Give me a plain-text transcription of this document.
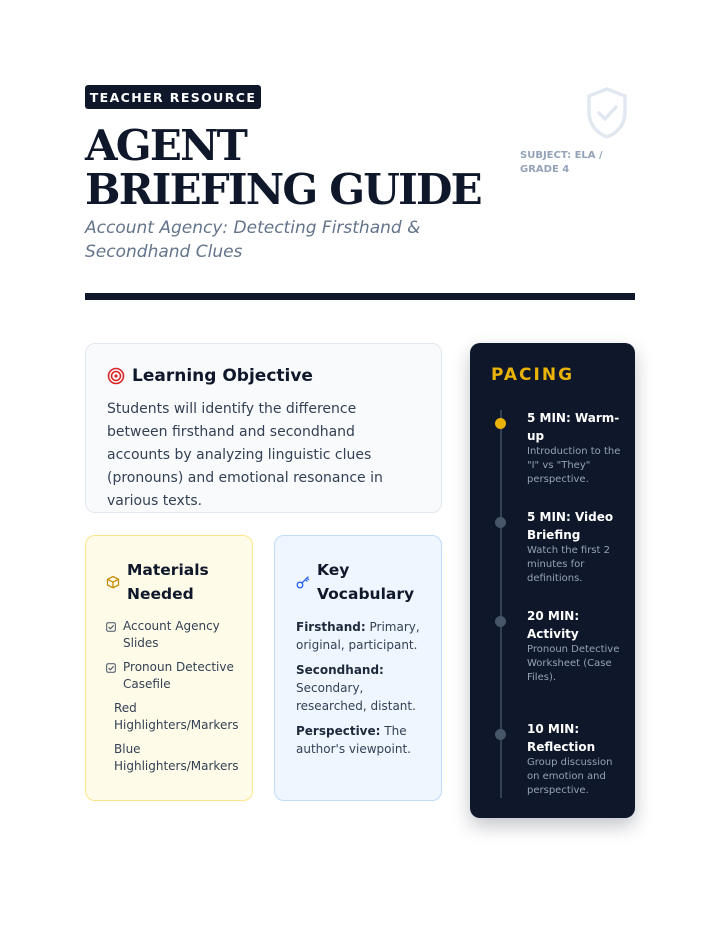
TEACHER RESOURCE
AGENT BRIEFING GUIDE
Account Agency: Detecting Firsthand & Secondhand Clues
SUBJECT: ELA / GRADE 4
Learning Objective

Students will identify the difference between firsthand and secondhand accounts by analyzing linguistic clues (pronouns) and emotional resonance in various texts.

Materials Needed
Account Agency Slides
Pronoun Detective Casefile
Red Highlighters/Markers
Blue Highlighters/Markers
Key Vocabulary

Firsthand: Primary, original, participant.

Secondhand: Secondary, researched, distant.

Perspective: The author's viewpoint.

PACING
5 MIN: Warm-up
Introduction to the "I" vs "They" perspective.
5 MIN: Video Briefing
Watch the first 2 minutes for definitions.
20 MIN: Activity
Pronoun Detective Worksheet (Case Files).
10 MIN: Reflection
Group discussion on emotion and perspective.
